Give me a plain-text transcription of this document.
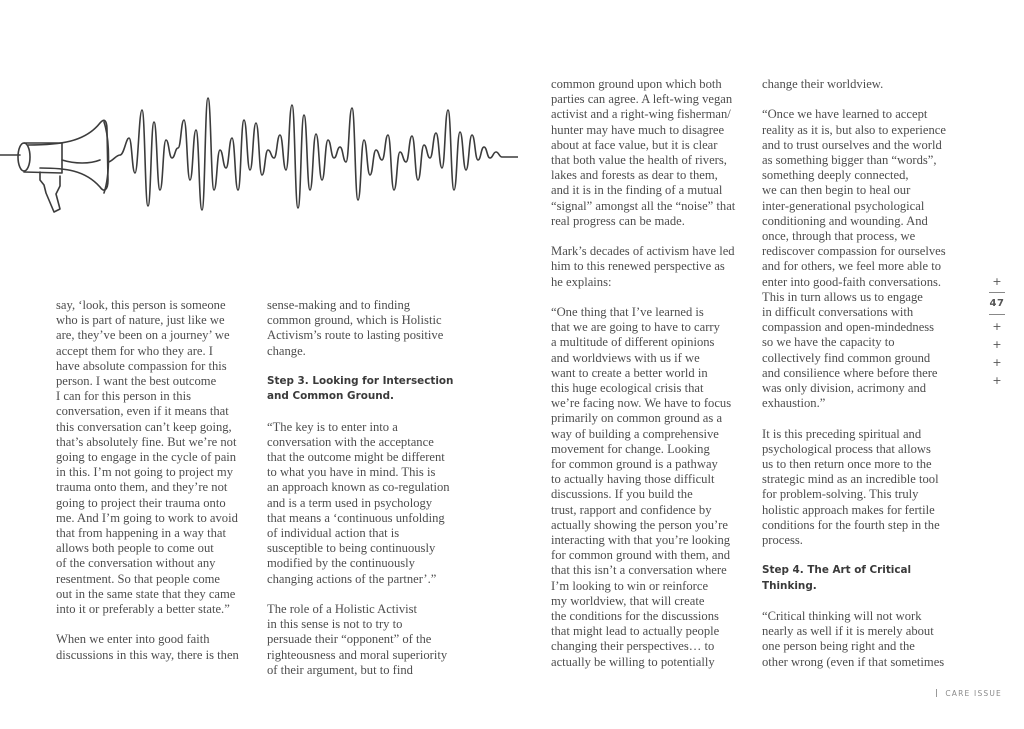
say, ‘look, this person is someone
who is part of nature, just like we
are, they’ve been on a journey’ we
accept them for who they are. I
have absolute compassion for this
person. I want the best outcome
I can for this person in this
conversation, even if it means that
this conversation can’t keep going,
that’s absolutely fine. But we’re not
going to engage in the cycle of pain
in this. I’m not going to project my
trauma onto them, and they’re not
going to project their trauma onto
me. And I’m going to work to avoid
that from happening in a way that
allows both people to come out
of the conversation without any
resentment. So that people come
out in the same state that they came
into it or preferably a better state.”
When we enter into good faith
discussions in this way, there is then
sense-making and to finding
common ground, which is Holistic
Activism’s route to lasting positive
change.
Step 3. Looking for Intersection
and Common Ground.
“The key is to enter into a
conversation with the acceptance
that the outcome might be different
to what you have in mind. This is
an approach known as co-regulation
and is a term used in psychology
that means a ‘continuous unfolding
of individual action that is
susceptible to being continuously
modified by the continuously
changing actions of the partner’.”
The role of a Holistic Activist
in this sense is not to try to
persuade their “opponent” of the
righteousness and moral superiority
of their argument, but to find
common ground upon which both
parties can agree. A left-wing vegan
activist and a right-wing fisherman/
hunter may have much to disagree
about at face value, but it is clear
that both value the health of rivers,
lakes and forests as dear to them,
and it is in the finding of a mutual
“signal” amongst all the “noise” that
real progress can be made.
Mark’s decades of activism have led
him to this renewed perspective as
he explains:
“One thing that I’ve learned is
that we are going to have to carry
a multitude of different opinions
and worldviews with us if we
want to create a better world in
this huge ecological crisis that
we’re facing now. We have to focus
primarily on common ground as a
way of building a comprehensive
movement for change. Looking
for common ground is a pathway
to actually having those difficult
discussions. If you build the
trust, rapport and confidence by
actually showing the person you’re
interacting with that you’re looking
for common ground with them, and
that this isn’t a conversation where
I’m looking to win or reinforce
my worldview, that will create
the conditions for the discussions
that might lead to actually people
changing their perspectives… to
actually be willing to potentially
change their worldview.
“Once we have learned to accept
reality as it is, but also to experience
and to trust ourselves and the world
as something bigger than “words”,
something deeply connected,
we can then begin to heal our
inter-generational psychological
conditioning and wounding. And
once, through that process, we
rediscover compassion for ourselves
and for others, we feel more able to
enter into good-faith conversations.
This in turn allows us to engage
in difficult conversations with
compassion and open-mindedness
so we have the capacity to
collectively find common ground
and consilience where before there
was only division, acrimony and
exhaustion.”
It is this preceding spiritual and
psychological process that allows
us to then return once more to the
strategic mind as an incredible tool
for problem-solving. This truly
holistic approach makes for fertile
conditions for the fourth step in the
process.
Step 4. The Art of Critical
Thinking.
“Critical thinking will not work
nearly as well if it is merely about
one person being right and the
other wrong (even if that sometimes
+
47
+
+
+
+
CARE ISSUE
